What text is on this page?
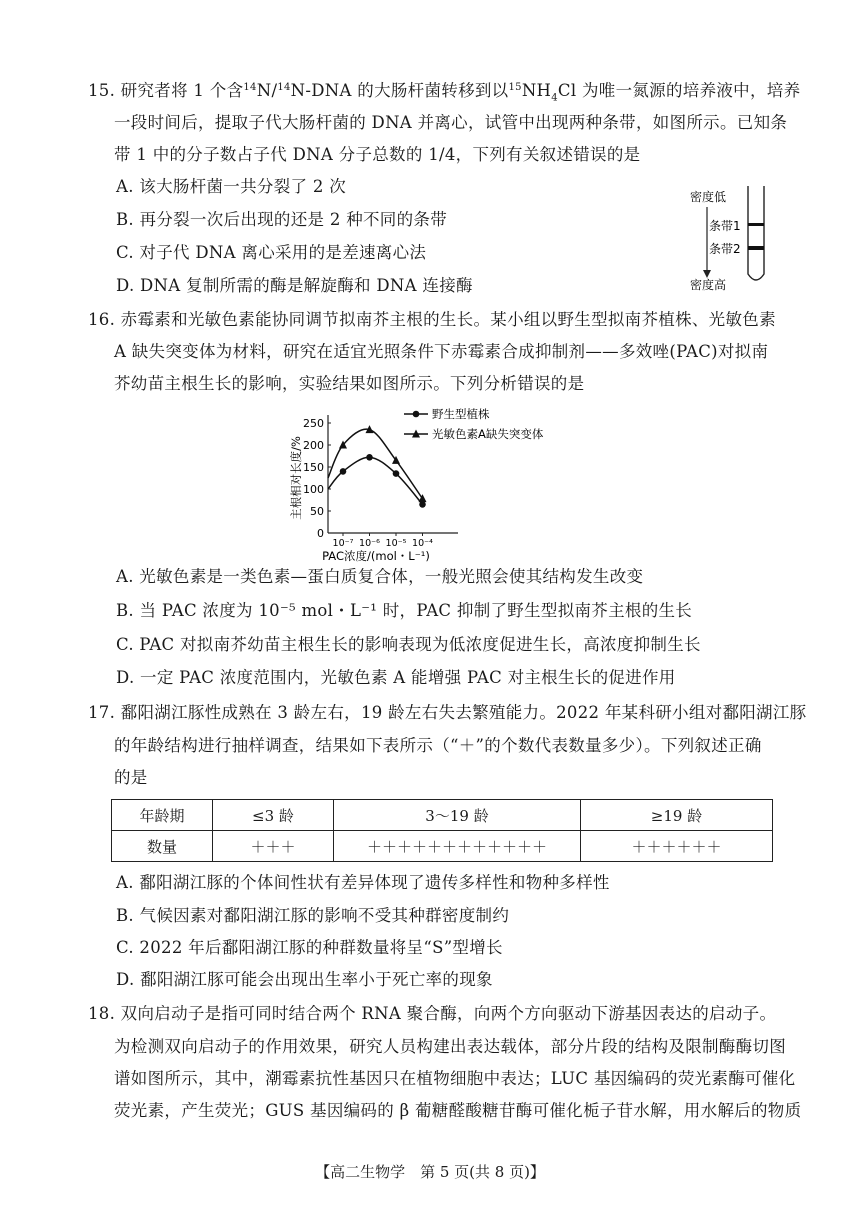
15. 研究者将 1 个含$^{14}$N/$^{14}$N-DNA 的大肠杆菌转移到以$^{15}NH_4Cl$ 为唯一氮源的培养液中，培养
一段时间后，提取子代大肠杆菌的 DNA 并离心，试管中出现两种条带，如图所示。已知条
带 1 中的分子数占子代 DNA 分子总数的 1/4，下列有关叙述错误的是
A. 该大肠杆菌一共分裂了 2 次
B. 再分裂一次后出现的还是 2 种不同的条带
C. 对子代 DNA 离心采用的是差速离心法
D. DNA 复制所需的酶是解旋酶和 DNA 连接酶
密度低
密度高
条带1
条带2
16. 赤霉素和光敏色素能协同调节拟南芥主根的生长。某小组以野生型拟南芥植株、光敏色素
A 缺失突变体为材料，研究在适宜光照条件下赤霉素合成抑制剂——多效唑(PAC)对拟南
芥幼苗主根生长的影响，实验结果如图所示。下列分析错误的是
0
50
100
150
200
250
10⁻⁷ 10⁻⁶ 10⁻⁵ 10⁻⁴
PAC浓度/(mol・L⁻¹)
主根相对长度/%
野生型植株
光敏色素A缺失突变体
A. 光敏色素是一类色素—蛋白质复合体，一般光照会使其结构发生改变
B. 当 PAC 浓度为 10⁻⁵ mol・L⁻¹ 时，PAC 抑制了野生型拟南芥主根的生长
C. PAC 对拟南芥幼苗主根生长的影响表现为低浓度促进生长，高浓度抑制生长
D. 一定 PAC 浓度范围内，光敏色素 A 能增强 PAC 对主根生长的促进作用
17. 鄱阳湖江豚性成熟在 3 龄左右，19 龄左右失去繁殖能力。2022 年某科研小组对鄱阳湖江豚
的年龄结构进行抽样调查，结果如下表所示（“＋”的个数代表数量多少）。下列叙述正确
的是
年龄期	≤3 龄	3～19 龄	≥19 龄
数量	＋＋＋	＋＋＋＋＋＋＋＋＋＋＋＋	＋＋＋＋＋＋
A. 鄱阳湖江豚的个体间性状有差异体现了遗传多样性和物种多样性
B. 气候因素对鄱阳湖江豚的影响不受其种群密度制约
C. 2022 年后鄱阳湖江豚的种群数量将呈“S”型增长
D. 鄱阳湖江豚可能会出现出生率小于死亡率的现象
18. 双向启动子是指可同时结合两个 RNA 聚合酶，向两个方向驱动下游基因表达的启动子。
为检测双向启动子的作用效果，研究人员构建出表达载体，部分片段的结构及限制酶酶切图
谱如图所示，其中，潮霉素抗性基因只在植物细胞中表达；LUC 基因编码的荧光素酶可催化
荧光素，产生荧光；GUS 基因编码的 β 葡糖醛酸糖苷酶可催化栀子苷水解，用水解后的物质
【高二生物学　第 5 页(共 8 页)】
